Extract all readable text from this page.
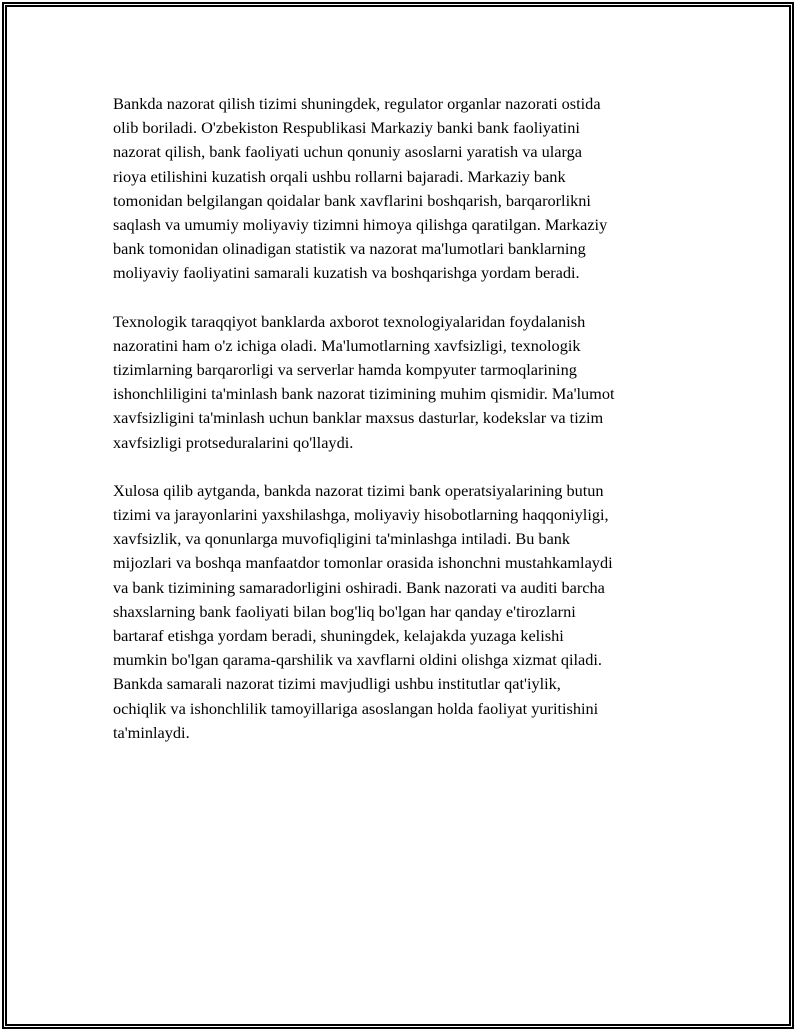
Bankda nazorat qilish tizimi shuningdek, regulator organlar nazorati ostida
olib boriladi. O'zbekiston Respublikasi Markaziy banki bank faoliyatini
nazorat qilish, bank faoliyati uchun qonuniy asoslarni yaratish va ularga
rioya etilishini kuzatish orqali ushbu rollarni bajaradi. Markaziy bank
tomonidan belgilangan qoidalar bank xavflarini boshqarish, barqarorlikni
saqlash va umumiy moliyaviy tizimni himoya qilishga qaratilgan. Markaziy
bank tomonidan olinadigan statistik va nazorat ma'lumotlari banklarning
moliyaviy faoliyatini samarali kuzatish va boshqarishga yordam beradi.

Texnologik taraqqiyot banklarda axborot texnologiyalaridan foydalanish
nazoratini ham o'z ichiga oladi. Ma'lumotlarning xavfsizligi, texnologik
tizimlarning barqarorligi va serverlar hamda kompyuter tarmoqlarining
ishonchliligini ta'minlash bank nazorat tizimining muhim qismidir. Ma'lumot
xavfsizligini ta'minlash uchun banklar maxsus dasturlar, kodekslar va tizim
xavfsizligi protseduralarini qo'llaydi.

Xulosa qilib aytganda, bankda nazorat tizimi bank operatsiyalarining butun
tizimi va jarayonlarini yaxshilashga, moliyaviy hisobotlarning haqqoniyligi,
xavfsizlik, va qonunlarga muvofiqligini ta'minlashga intiladi. Bu bank
mijozlari va boshqa manfaatdor tomonlar orasida ishonchni mustahkamlaydi
va bank tizimining samaradorligini oshiradi. Bank nazorati va auditi barcha
shaxslarning bank faoliyati bilan bog'liq bo'lgan har qanday e'tirozlarni
bartaraf etishga yordam beradi, shuningdek, kelajakda yuzaga kelishi
mumkin bo'lgan qarama-qarshilik va xavflarni oldini olishga xizmat qiladi.
Bankda samarali nazorat tizimi mavjudligi ushbu institutlar qat'iylik,
ochiqlik va ishonchlilik tamoyillariga asoslangan holda faoliyat yuritishini
ta'minlaydi.
